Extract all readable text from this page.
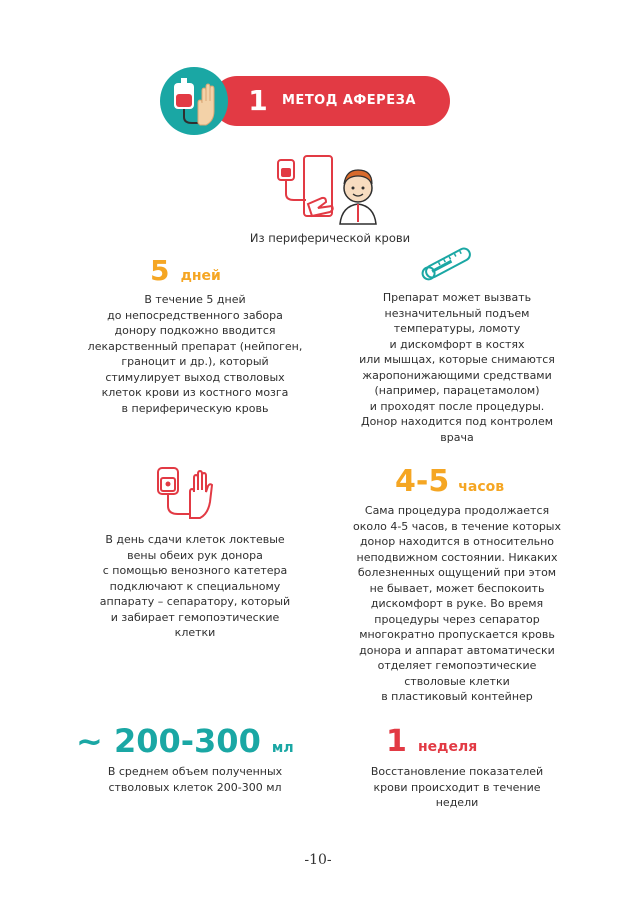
1	МЕТОД АФЕРЕЗА
Из периферической крови
5 дней
В течение 5 дней
до непосредственного забора
донору подкожно вводится
лекарственный препарат (нейпоген,
граноцит и др.), который
стимулирует выход стволовых
клеток крови из костного мозга
в периферическую кровь
Препарат может вызвать
незначительный подъем
температуры, ломоту
и дискомфорт в костях
или мышцах, которые снимаются
жаропонижающими средствами
(например, парацетамолом)
и проходят после процедуры.
Донор находится под контролем
врача
В день сдачи клеток локтевые
вены обеих рук донора
с помощью венозного катетера
подключают к специальному
аппарату – сепаратору, который
и забирает гемопоэтические
клетки
4-5 часов
Сама процедура продолжается
около 4-5 часов, в течение которых
донор находится в относительно
неподвижном состоянии. Никаких
болезненных ощущений при этом
не бывает, может беспокоить
дискомфорт в руке. Во время
процедуры через сепаратор
многократно пропускается кровь
донора и аппарат автоматически
отделяет гемопоэтические
стволовые клетки
в пластиковый контейнер
~ 200-300 мл
В среднем объем полученных
стволовых клеток 200-300 мл
1 неделя
Восстановление показателей
крови происходит в течение
недели
-10-
